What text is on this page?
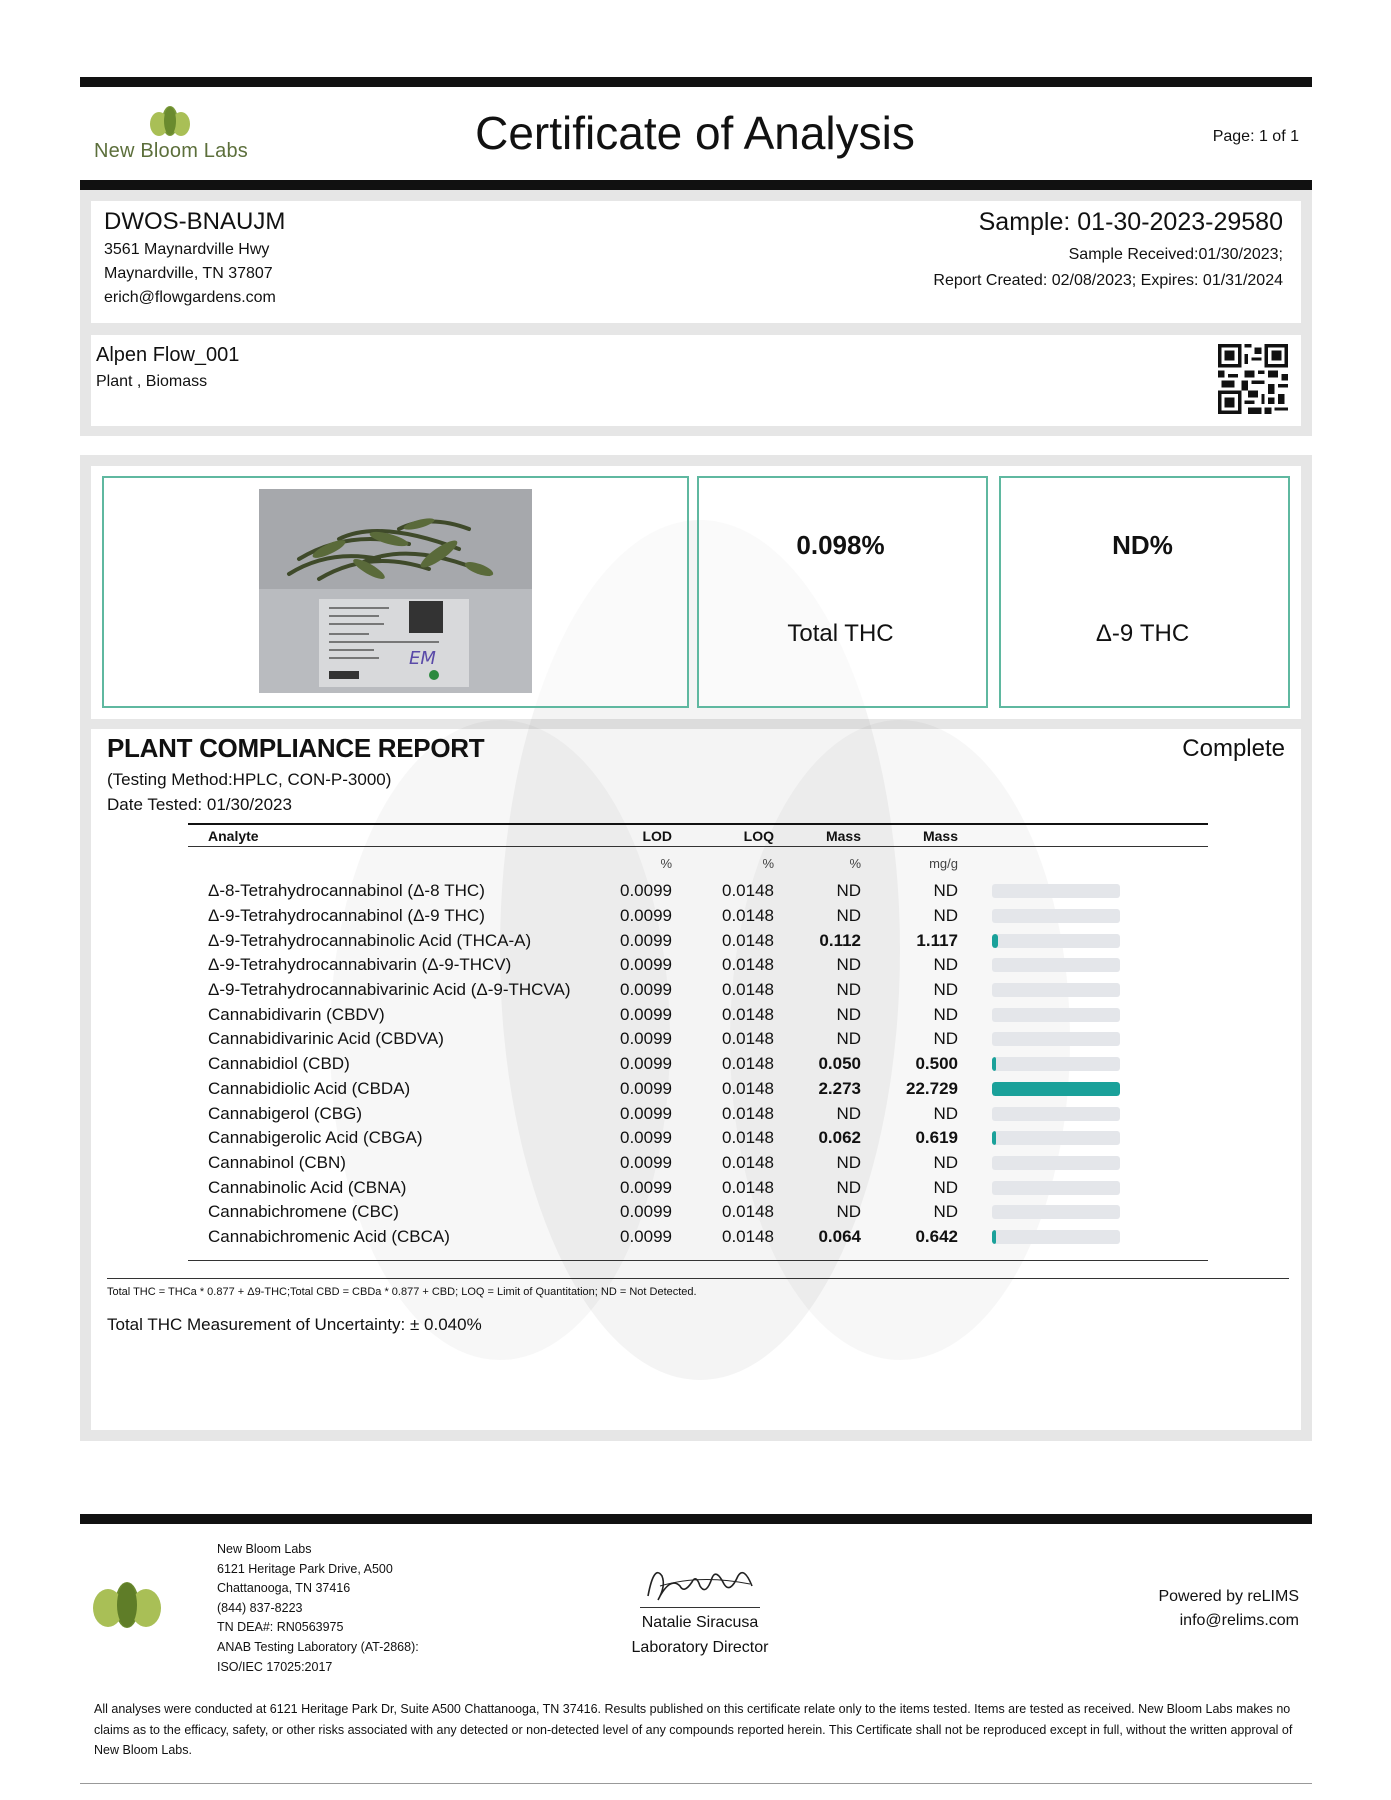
New Bloom Labs	Certificate of Analysis	Page: 1 of 1
DWOS-BNAUJM
3561 Maynardville Hwy
Maynardville, TN 37807
erich@flowgardens.com
Sample: 01-30-2023-29580
Sample Received:01/30/2023;
Report Created: 02/08/2023; Expires: 01/31/2024
Alpen Flow_001
Plant , Biomass
EM
0.098%
Total THC
ND%
Δ-9 THC
PLANT COMPLIANCE REPORT	Complete
(Testing Method:HPLC, CON-P-3000)
Date Tested: 01/30/2023
Analyte	LOD	LOQ	Mass	Mass	
	%	%	%	mg/g	
Δ-8-Tetrahydrocannabinol (Δ-8 THC)	0.0099	0.0148	ND	ND	

Δ-9-Tetrahydrocannabinol (Δ-9 THC)	0.0099	0.0148	ND	ND	

Δ-9-Tetrahydrocannabinolic Acid (THCA-A)	0.0099	0.0148	0.112	1.117	

Δ-9-Tetrahydrocannabivarin (Δ-9-THCV)	0.0099	0.0148	ND	ND	

Δ-9-Tetrahydrocannabivarinic Acid (Δ-9-THCVA)	0.0099	0.0148	ND	ND	

Cannabidivarin (CBDV)	0.0099	0.0148	ND	ND	

Cannabidivarinic Acid (CBDVA)	0.0099	0.0148	ND	ND	

Cannabidiol (CBD)	0.0099	0.0148	0.050	0.500	

Cannabidiolic Acid (CBDA)	0.0099	0.0148	2.273	22.729	

Cannabigerol (CBG)	0.0099	0.0148	ND	ND	

Cannabigerolic Acid (CBGA)	0.0099	0.0148	0.062	0.619	

Cannabinol (CBN)	0.0099	0.0148	ND	ND	

Cannabinolic Acid (CBNA)	0.0099	0.0148	ND	ND	

Cannabichromene (CBC)	0.0099	0.0148	ND	ND	

Cannabichromenic Acid (CBCA)	0.0099	0.0148	0.064	0.642	
Total THC = THCa * 0.877 + Δ9-THC;Total CBD = CBDa * 0.877 + CBD; LOQ = Limit of Quantitation; ND = Not Detected.
Total THC Measurement of Uncertainty: ± 0.040%
New Bloom Labs
6121 Heritage Park Drive, A500
Chattanooga, TN 37416
(844) 837-8223
TN DEA#: RN0563975
ANAB Testing Laboratory (AT-2868):
ISO/IEC 17025:2017
Natalie Siracusa
Laboratory Director
Powered by reLIMS
info@relims.com
All analyses were conducted at 6121 Heritage Park Dr, Suite A500 Chattanooga, TN 37416. Results published on this certificate relate only to the items tested. Items are tested as received. New Bloom Labs makes no claims as to the efficacy, safety, or other risks associated with any detected or non-detected level of any compounds reported herein. This Certificate shall not be reproduced except in full, without the written approval of New Bloom Labs.
